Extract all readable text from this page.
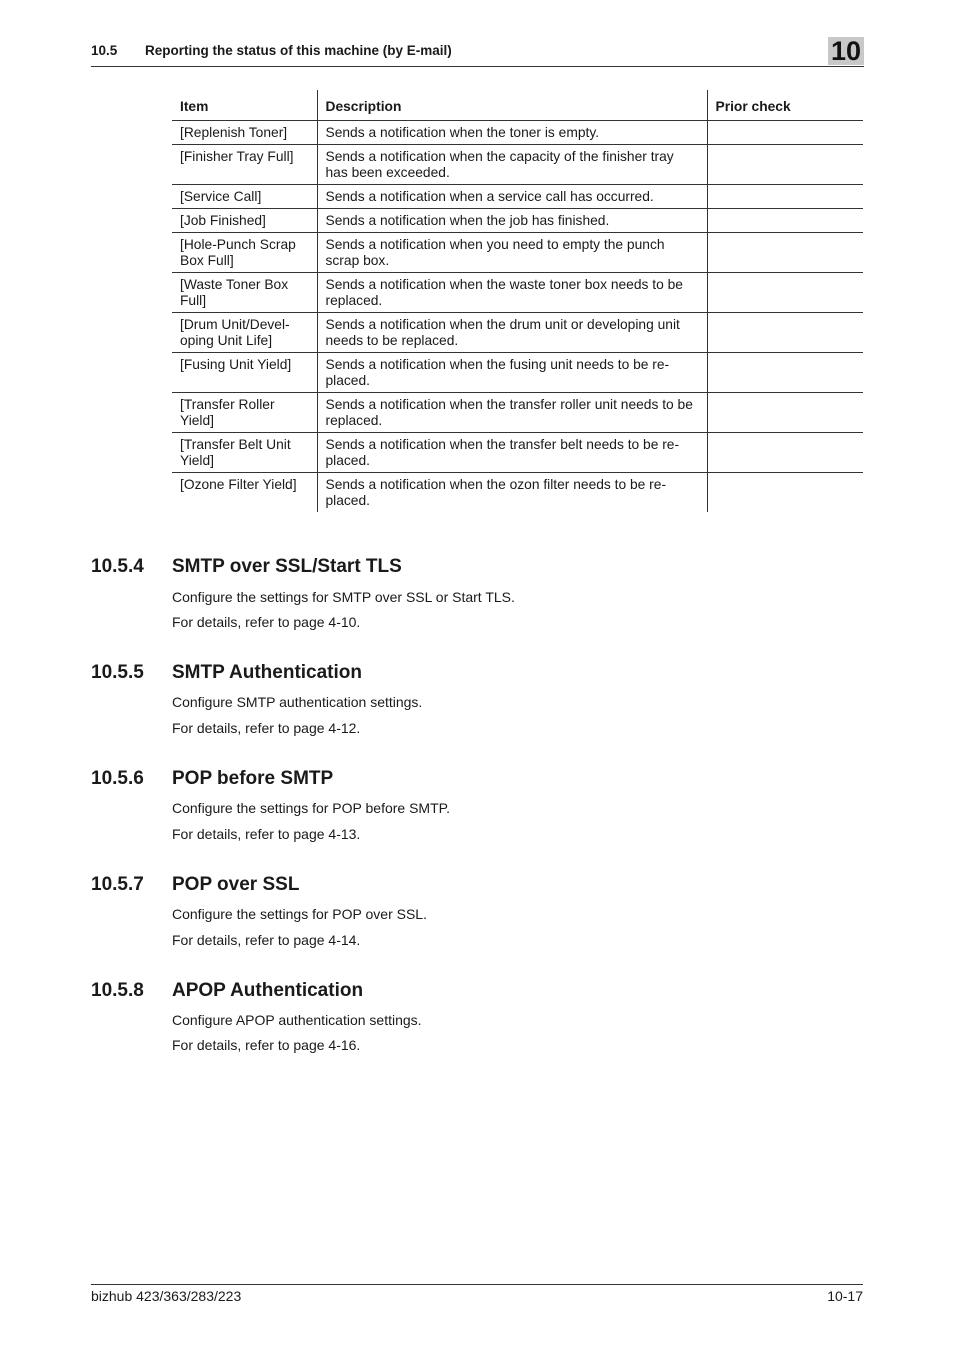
10.5 Reporting the status of this machine (by E-mail)	10
Item	Description	Prior check
[Replenish Toner]	Sends a notification when the toner is empty.	
[Finisher Tray Full]	Sends a notification when the capacity of the finisher tray has been exceeded.	
[Service Call]	Sends a notification when a service call has occurred.	
[Job Finished]	Sends a notification when the job has finished.	
[Hole-Punch Scrap Box Full]	Sends a notification when you need to empty the punch scrap box.	
[Waste Toner Box Full]	Sends a notification when the waste toner box needs to be replaced.	
[Drum Unit/Devel-oping Unit Life]	Sends a notification when the drum unit or developing unit needs to be replaced.	
[Fusing Unit Yield]	Sends a notification when the fusing unit needs to be re-placed.	
[Transfer Roller Yield]	Sends a notification when the transfer roller unit needs to be replaced.	
[Transfer Belt Unit Yield]	Sends a notification when the transfer belt needs to be re-placed.	
[Ozone Filter Yield]	Sends a notification when the ozon filter needs to be re-placed.	
10.5.4 SMTP over SSL/Start TLS
Configure the settings for SMTP over SSL or Start TLS.
For details, refer to page 4-10.
10.5.5 SMTP Authentication
Configure SMTP authentication settings.
For details, refer to page 4-12.
10.5.6 POP before SMTP
Configure the settings for POP before SMTP.
For details, refer to page 4-13.
10.5.7 POP over SSL
Configure the settings for POP over SSL.
For details, refer to page 4-14.
10.5.8 APOP Authentication
Configure APOP authentication settings.
For details, refer to page 4-16.
bizhub 423/363/283/223	10-17
